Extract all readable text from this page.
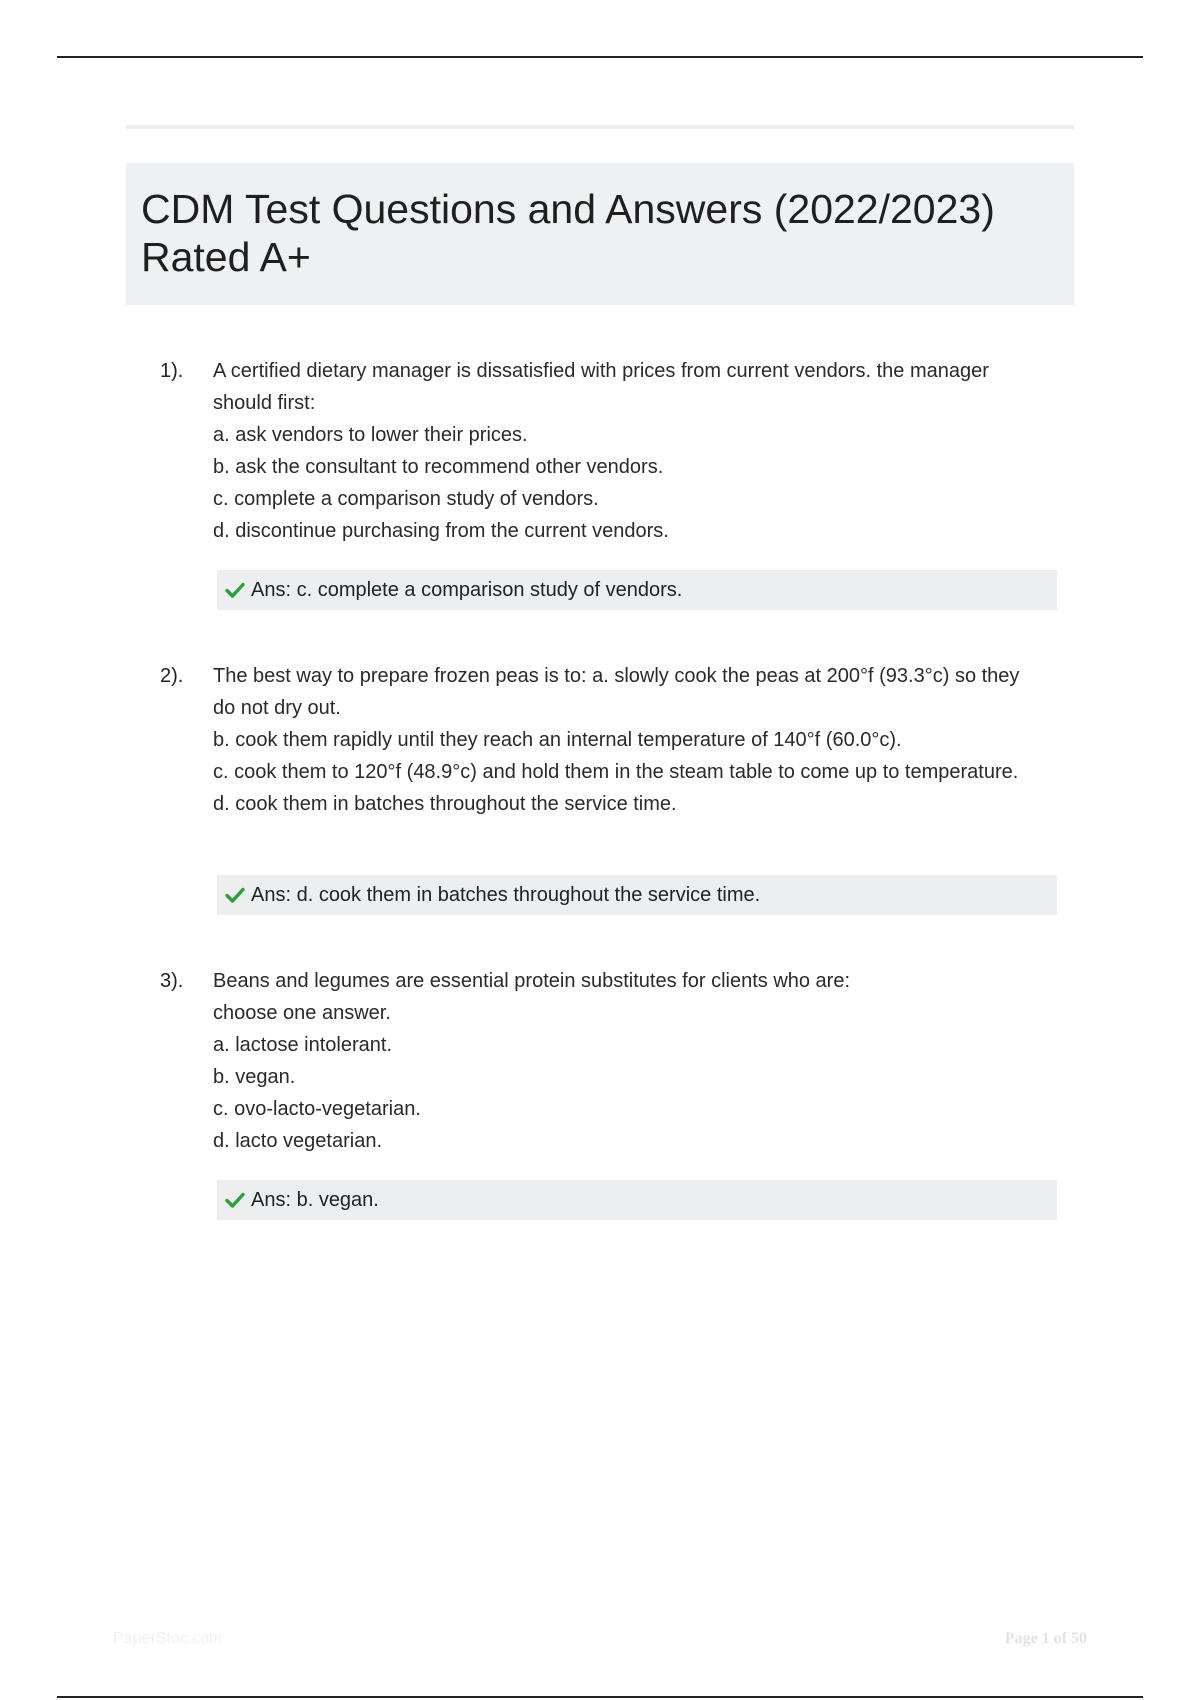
CDM Test Questions and Answers (2022/2023)
Rated A+
1). A certified dietary manager is dissatisfied with prices from current vendors. the manager should first:

a. ask vendors to lower their prices.

b. ask the consultant to recommend other vendors.

c. complete a comparison study of vendors.

d. discontinue purchasing from the current vendors.

Ans: c. complete a comparison study of vendors.
2). The best way to prepare frozen peas is to: a. slowly cook the peas at 200°f (93.3°c) so they do not dry out.

b. cook them rapidly until they reach an internal temperature of 140°f (60.0°c).

c. cook them to 120°f (48.9°c) and hold them in the steam table to come up to temperature.

d. cook them in batches throughout the service time.

Ans: d. cook them in batches throughout the service time.
3). Beans and legumes are essential protein substitutes for clients who are:

choose one answer.

a. lactose intolerant.

b. vegan.

c. ovo-lacto-vegetarian.

d. lacto vegetarian.

Ans: b. vegan.
PaperStoc.com	Page 1 of 50
